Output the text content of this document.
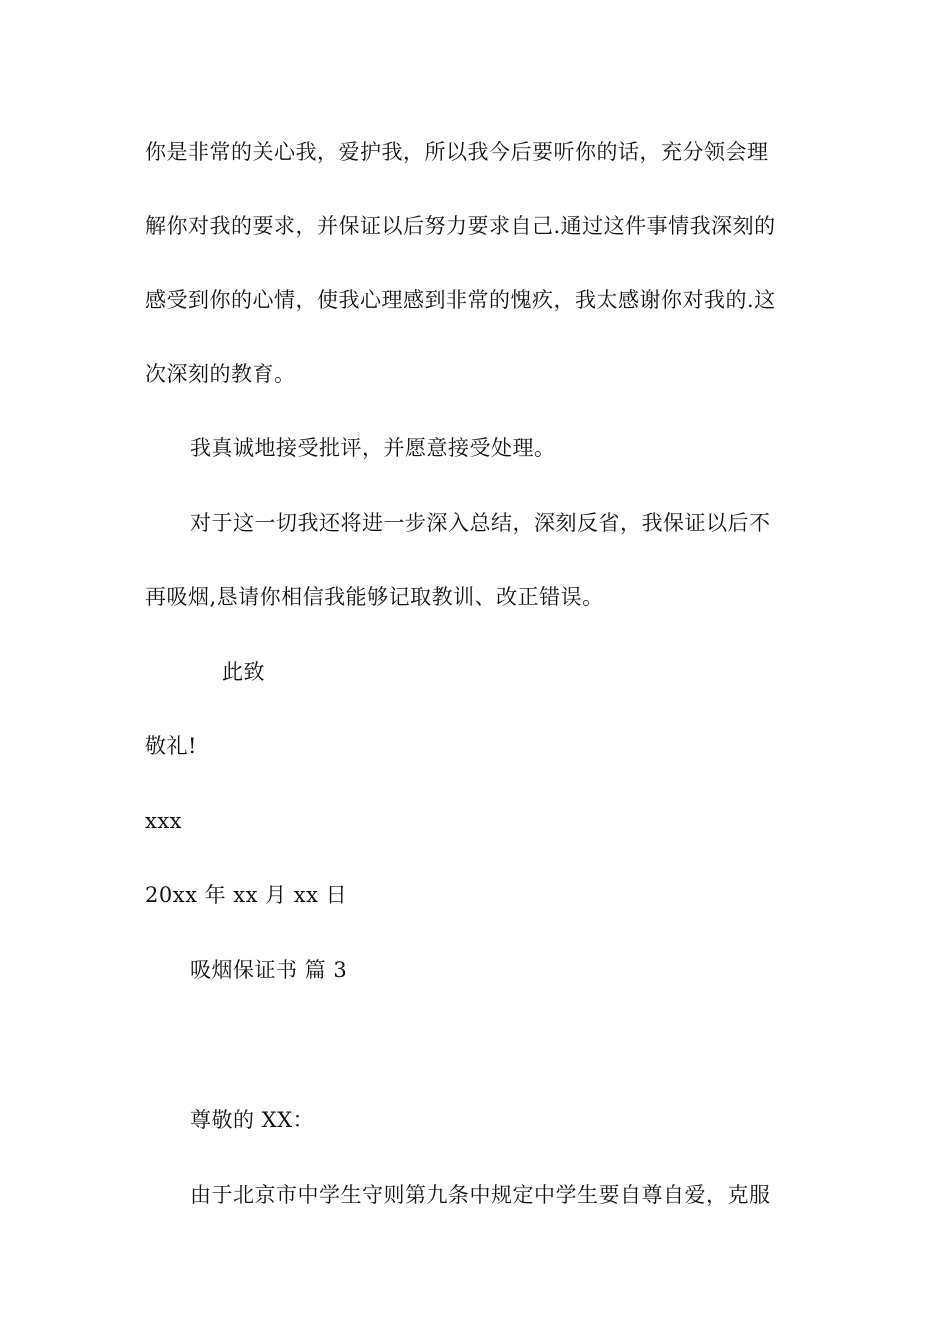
你是非常的关心我，爱护我，所以我今后要听你的话，充分领会理
解你对我的要求，并保证以后努力要求自己.通过这件事情我深刻的
感受到你的心情，使我心理感到非常的愧疚，我太感谢你对我的.这
次深刻的教育。
我真诚地接受批评，并愿意接受处理。
对于这一切我还将进一步深入总结，深刻反省，我保证以后不
再吸烟,恳请你相信我能够记取教训、改正错误。
此致
敬礼!
xxx
20xx 年 xx 月 xx 日
吸烟保证书 篇 3
尊敬的 XX：
由于北京市中学生守则第九条中规定中学生要自尊自爱，克服
